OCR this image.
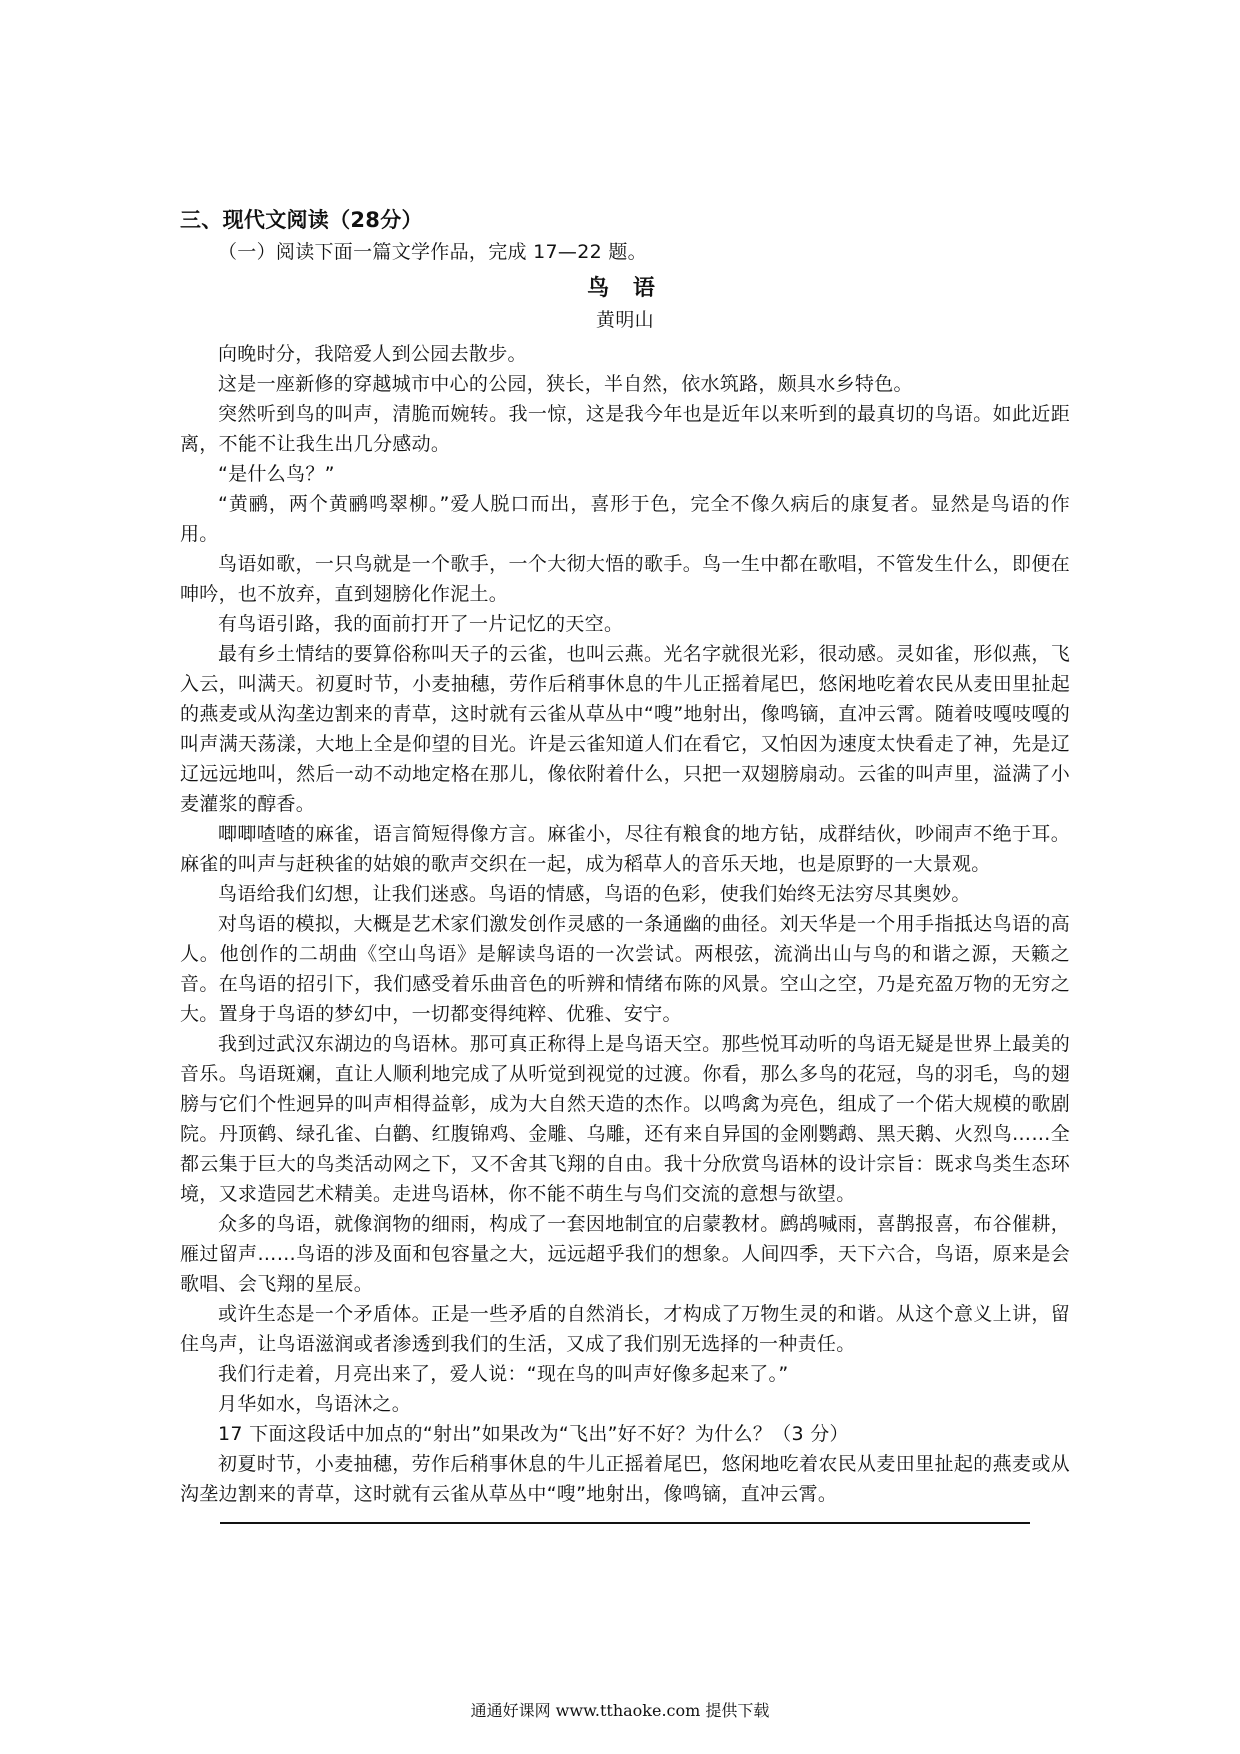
三、现代文阅读（28分）

（一）阅读下面一篇文学作品，完成 17—22 题。

鸟 语
黄明山

向晚时分，我陪爱人到公园去散步。

这是一座新修的穿越城市中心的公园，狭长，半自然，依水筑路，颇具水乡特色。

突然听到鸟的叫声，清脆而婉转。我一惊，这是我今年也是近年以来听到的最真切的鸟语。如此近距离，不能不让我生出几分感动。

“是什么鸟？”

“黄鹂，两个黄鹂鸣翠柳。”爱人脱口而出，喜形于色，完全不像久病后的康复者。显然是鸟语的作用。

鸟语如歌，一只鸟就是一个歌手，一个大彻大悟的歌手。鸟一生中都在歌唱，不管发生什么，即便在呻吟，也不放弃，直到翅膀化作泥土。

有鸟语引路，我的面前打开了一片记忆的天空。

最有乡土情结的要算俗称叫天子的云雀，也叫云燕。光名字就很光彩，很动感。灵如雀，形似燕，飞入云，叫满天。初夏时节，小麦抽穗，劳作后稍事休息的牛儿正摇着尾巴，悠闲地吃着农民从麦田里扯起的燕麦或从沟垄边割来的青草，这时就有云雀从草丛中“嗖”地射出，像鸣镝，直冲云霄。随着吱嘎吱嘎的叫声满天荡漾，大地上全是仰望的目光。许是云雀知道人们在看它，又怕因为速度太快看走了神，先是辽辽远远地叫，然后一动不动地定格在那儿，像依附着什么，只把一双翅膀扇动。云雀的叫声里，溢满了小麦灌浆的醇香。

唧唧喳喳的麻雀，语言简短得像方言。麻雀小，尽往有粮食的地方钻，成群结伙，吵闹声不绝于耳。麻雀的叫声与赶秧雀的姑娘的歌声交织在一起，成为稻草人的音乐天地，也是原野的一大景观。

鸟语给我们幻想，让我们迷惑。鸟语的情感，鸟语的色彩，使我们始终无法穷尽其奥妙。

对鸟语的模拟，大概是艺术家们激发创作灵感的一条通幽的曲径。刘天华是一个用手指抵达鸟语的高人。他创作的二胡曲《空山鸟语》是解读鸟语的一次尝试。两根弦，流淌出山与鸟的和谐之源，天籁之音。在鸟语的招引下，我们感受着乐曲音色的听辨和情绪布陈的风景。空山之空，乃是充盈万物的无穷之大。置身于鸟语的梦幻中，一切都变得纯粹、优雅、安宁。

我到过武汉东湖边的鸟语林。那可真正称得上是鸟语天空。那些悦耳动听的鸟语无疑是世界上最美的音乐。鸟语斑斓，直让人顺利地完成了从听觉到视觉的过渡。你看，那么多鸟的花冠，鸟的羽毛，鸟的翅膀与它们个性迥异的叫声相得益彰，成为大自然天造的杰作。以鸣禽为亮色，组成了一个偌大规模的歌剧院。丹顶鹤、绿孔雀、白鹳、红腹锦鸡、金雕、乌雕，还有来自异国的金刚鹦鹉、黑天鹅、火烈鸟……全都云集于巨大的鸟类活动网之下，又不舍其飞翔的自由。我十分欣赏鸟语林的设计宗旨：既求鸟类生态环境，又求造园艺术精美。走进鸟语林，你不能不萌生与鸟们交流的意想与欲望。

众多的鸟语，就像润物的细雨，构成了一套因地制宜的启蒙教材。鹧鸪喊雨，喜鹊报喜，布谷催耕，雁过留声……鸟语的涉及面和包容量之大，远远超乎我们的想象。人间四季，天下六合，鸟语，原来是会歌唱、会飞翔的星辰。

或许生态是一个矛盾体。正是一些矛盾的自然消长，才构成了万物生灵的和谐。从这个意义上讲，留住鸟声，让鸟语滋润或者渗透到我们的生活，又成了我们别无选择的一种责任。

我们行走着，月亮出来了，爱人说：“现在鸟的叫声好像多起来了。”

月华如水，鸟语沐之。

17 下面这段话中加点的“射出”如果改为“飞出”好不好？为什么？（3 分）

初夏时节，小麦抽穗，劳作后稍事休息的牛儿正摇着尾巴，悠闲地吃着农民从麦田里扯起的燕麦或从沟垄边割来的青草，这时就有云雀从草丛中“嗖”地射出，像鸣镝，直冲云霄。

通通好课网 www.tthaoke.com 提供下载
